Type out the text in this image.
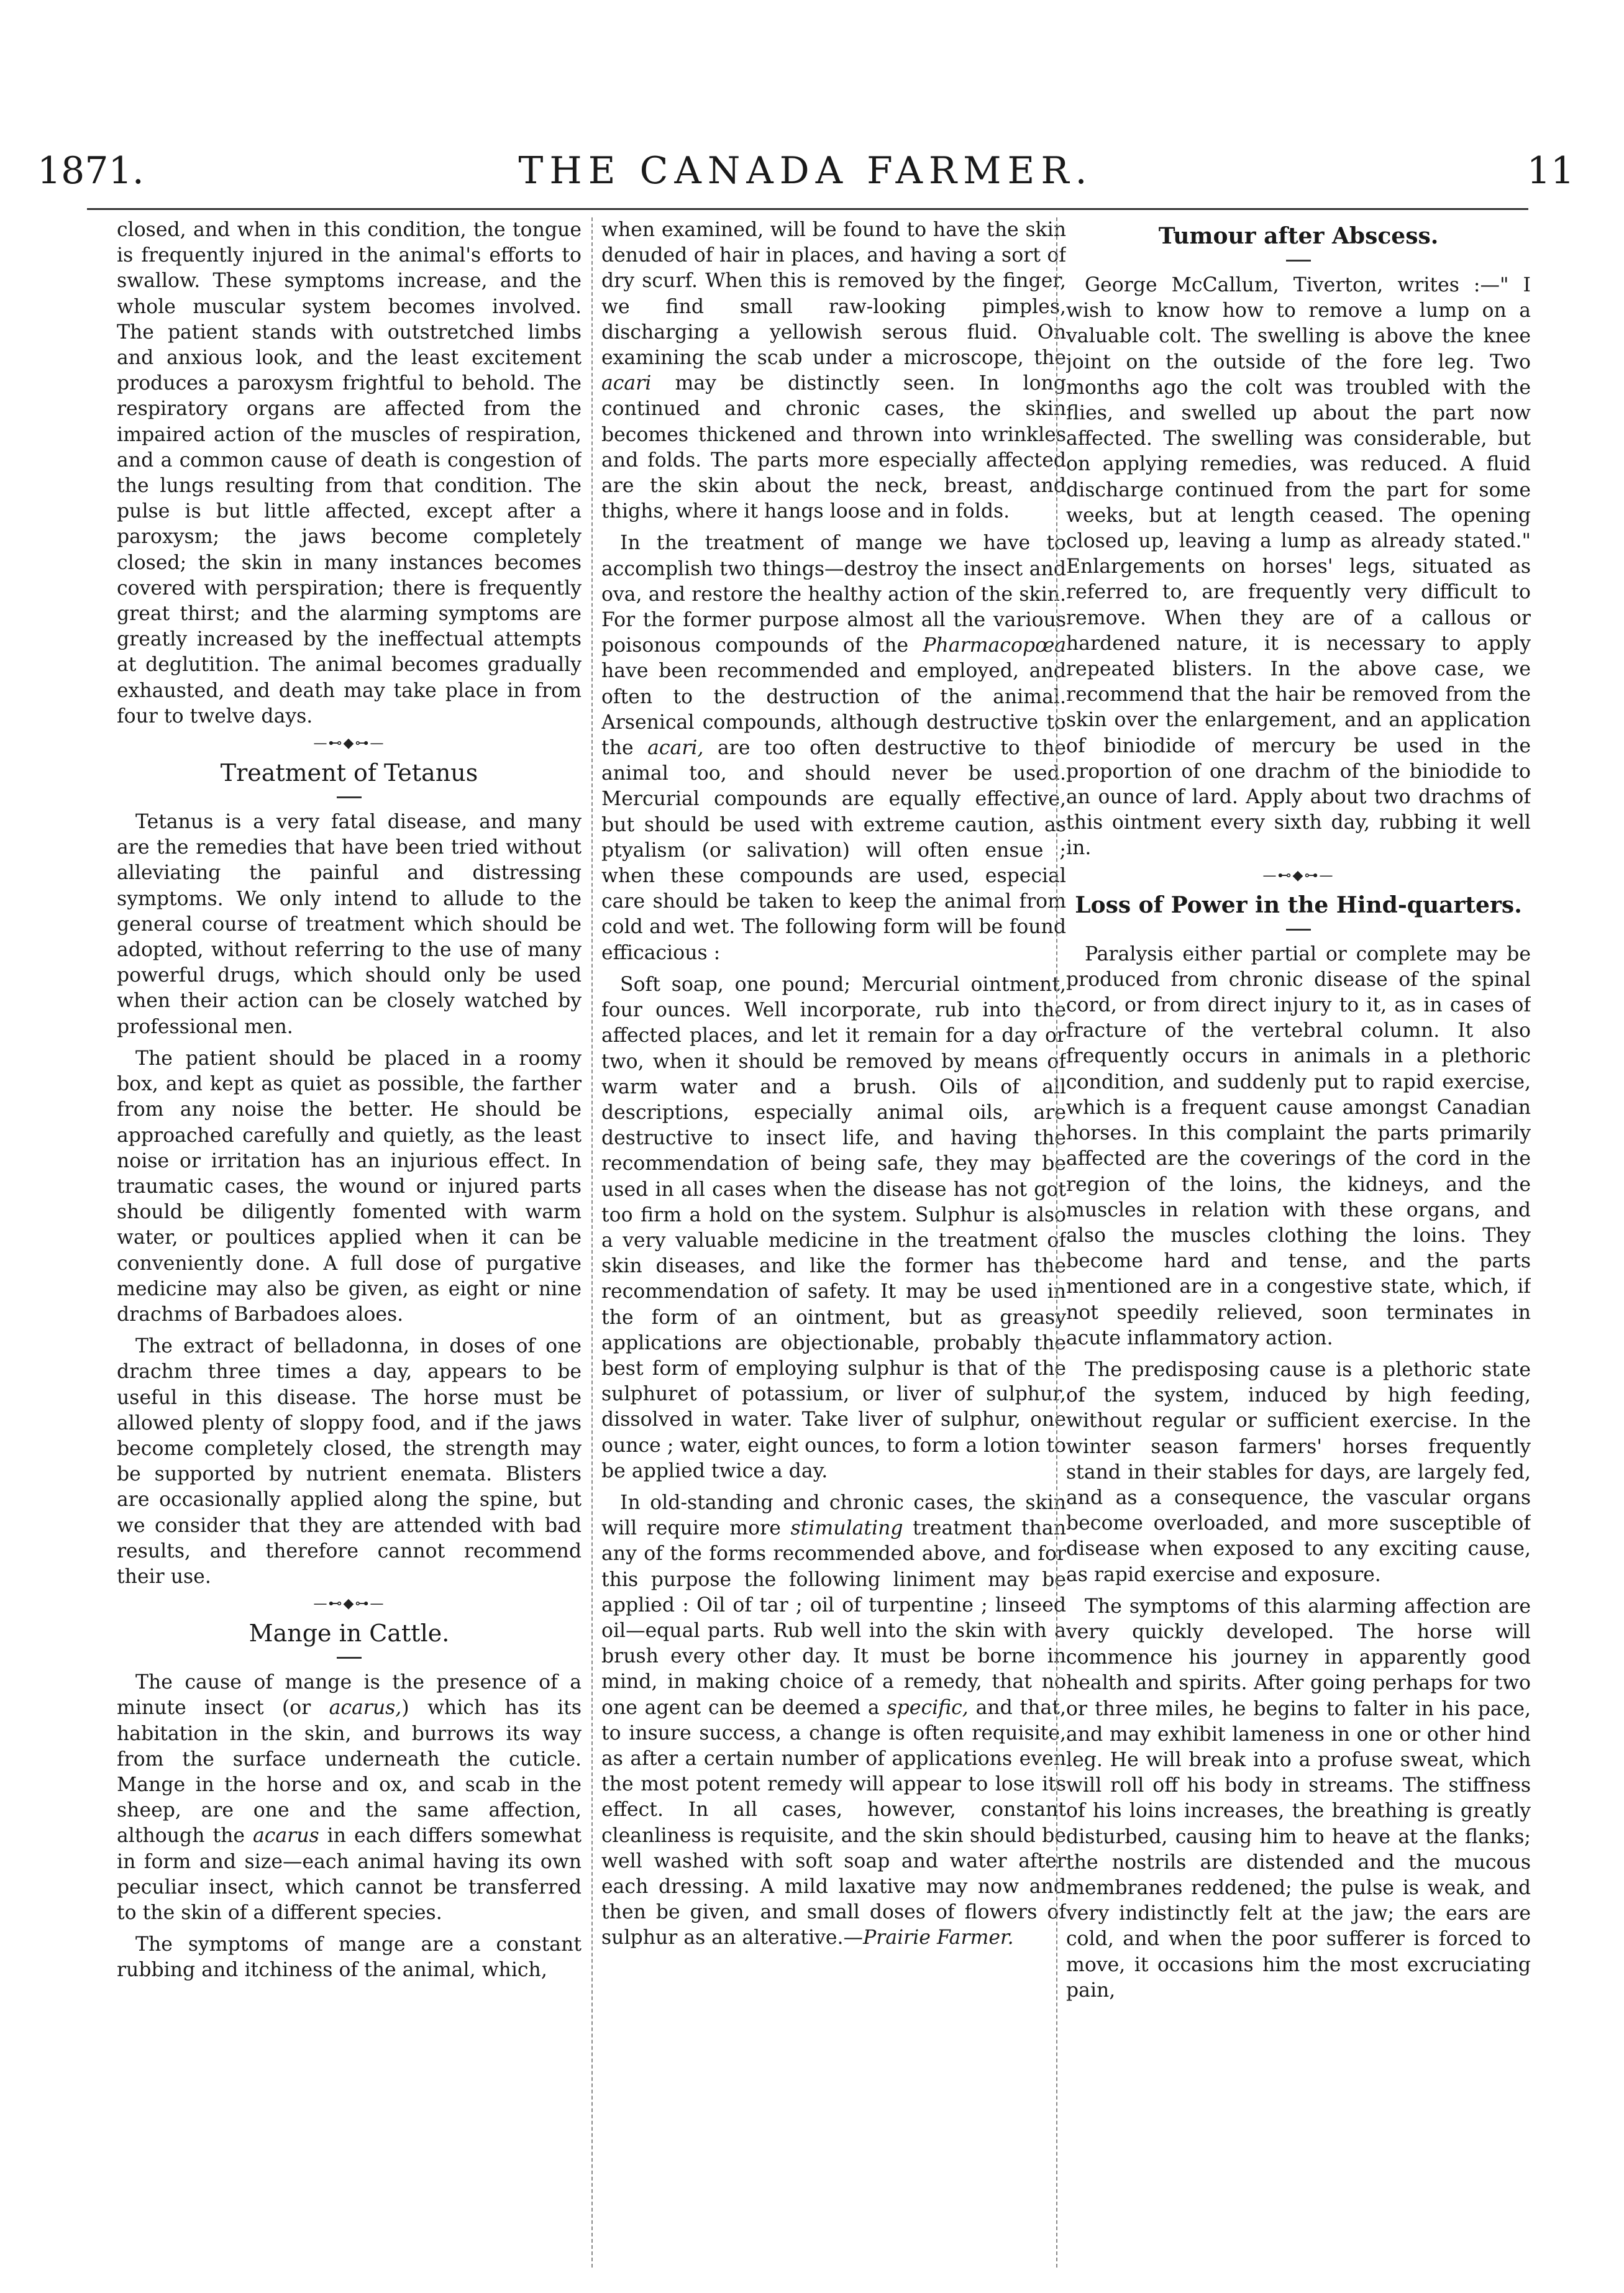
1871.	THE CANADA FARMER.	11

closed, and when in this condition, the tongue is frequently injured in the animal's efforts to swallow. These symptoms increase, and the whole muscular system becomes involved. The patient stands with outstretched limbs and anxious look, and the least excitement produces a paroxysm frightful to behold. The respiratory organs are affected from the impaired action of the muscles of respiration, and a common cause of death is congestion of the lungs resulting from that condition. The pulse is but little affected, except after a paroxysm; the jaws become completely closed; the skin in many instances becomes covered with perspiration; there is frequently great thirst; and the alarming symptoms are greatly increased by the ineffectual attempts at deglutition. The animal becomes gradually exhausted, and death may take place in from four to twelve days.

—⊷◆⊶—
Treatment of Tetanus

Tetanus is a very fatal disease, and many are the remedies that have been tried without alleviating the painful and distressing symptoms. We only intend to allude to the general course of treatment which should be adopted, without referring to the use of many powerful drugs, which should only be used when their action can be closely watched by professional men.

The patient should be placed in a roomy box, and kept as quiet as possible, the farther from any noise the better. He should be approached carefully and quietly, as the least noise or irritation has an injurious effect. In traumatic cases, the wound or injured parts should be diligently fomented with warm water, or poultices applied when it can be conveniently done. A full dose of purgative medicine may also be given, as eight or nine drachms of Barbadoes aloes.

The extract of belladonna, in doses of one drachm three times a day, appears to be useful in this disease. The horse must be allowed plenty of sloppy food, and if the jaws become completely closed, the strength may be supported by nutrient enemata. Blisters are occasionally applied along the spine, but we consider that they are attended with bad results, and therefore cannot recommend their use.

—⊷◆⊶—
Mange in Cattle.

The cause of mange is the presence of a minute insect (or acarus,) which has its habitation in the skin, and burrows its way from the surface underneath the cuticle. Mange in the horse and ox, and scab in the sheep, are one and the same affection, although the acarus in each differs somewhat in form and size—each animal having its own peculiar insect, which cannot be transferred to the skin of a different species.

The symptoms of mange are a constant rubbing and itchiness of the animal, which,

when examined, will be found to have the skin denuded of hair in places, and having a sort of dry scurf. When this is removed by the finger, we find small raw-looking pimples, discharging a yellowish serous fluid. On examining the scab under a microscope, the acari may be distinctly seen. In long continued and chronic cases, the skin becomes thickened and thrown into wrinkles and folds. The parts more especially affected are the skin about the neck, breast, and thighs, where it hangs loose and in folds.

In the treatment of mange we have to accomplish two things—destroy the insect and ova, and restore the healthy action of the skin. For the former purpose almost all the various poisonous compounds of the Pharmacopœa have been recommended and employed, and often to the destruction of the animal. Arsenical compounds, although destructive to the acari, are too often destructive to the animal too, and should never be used. Mercurial compounds are equally effective, but should be used with extreme caution, as ptyalism (or salivation) will often ensue ; when these compounds are used, especial care should be taken to keep the animal from cold and wet. The following form will be found efficacious :

Soft soap, one pound; Mercurial ointment, four ounces. Well incorporate, rub into the affected places, and let it remain for a day or two, when it should be removed by means of warm water and a brush. Oils of all descriptions, especially animal oils, are destructive to insect life, and having the recommendation of being safe, they may be used in all cases when the disease has not got too firm a hold on the system. Sulphur is also a very valuable medicine in the treatment of skin diseases, and like the former has the recommendation of safety. It may be used in the form of an ointment, but as greasy applications are objectionable, probably the best form of employing sulphur is that of the sulphuret of potassium, or liver of sulphur, dissolved in water. Take liver of sulphur, one ounce ; water, eight ounces, to form a lotion to be applied twice a day.

In old-standing and chronic cases, the skin will require more stimulating treatment than any of the forms recommended above, and for this purpose the following liniment may be applied : Oil of tar ; oil of turpentine ; linseed oil—equal parts. Rub well into the skin with a brush every other day. It must be borne in mind, in making choice of a remedy, that no one agent can be deemed a specific, and that, to insure success, a change is often requisite, as after a certain number of applications even the most potent remedy will appear to lose its effect. In all cases, however, constant cleanliness is requisite, and the skin should be well washed with soft soap and water after each dressing. A mild laxative may now and then be given, and small doses of flowers of sulphur as an alterative.—Prairie Farmer.

Tumour after Abscess.

George McCallum, Tiverton, writes :—" I wish to know how to remove a lump on a valuable colt. The swelling is above the knee joint on the outside of the fore leg. Two months ago the colt was troubled with the flies, and swelled up about the part now affected. The swelling was considerable, but on applying remedies, was reduced. A fluid discharge continued from the part for some weeks, but at length ceased. The opening closed up, leaving a lump as already stated." Enlargements on horses' legs, situated as referred to, are frequently very difficult to remove. When they are of a callous or hardened nature, it is necessary to apply repeated blisters. In the above case, we recommend that the hair be removed from the skin over the enlargement, and an application of biniodide of mercury be used in the proportion of one drachm of the biniodide to an ounce of lard. Apply about two drachms of this ointment every sixth day, rubbing it well in.

—⊷◆⊶—
Loss of Power in the Hind-quarters.

Paralysis either partial or complete may be produced from chronic disease of the spinal cord, or from direct injury to it, as in cases of fracture of the vertebral column. It also frequently occurs in animals in a plethoric condition, and suddenly put to rapid exercise, which is a frequent cause amongst Canadian horses. In this complaint the parts primarily affected are the coverings of the cord in the region of the loins, the kidneys, and the muscles in relation with these organs, and also the muscles clothing the loins. They become hard and tense, and the parts mentioned are in a congestive state, which, if not speedily relieved, soon terminates in acute inflammatory action.

The predisposing cause is a plethoric state of the system, induced by high feeding, without regular or sufficient exercise. In the winter season farmers' horses frequently stand in their stables for days, are largely fed, and as a consequence, the vascular organs become overloaded, and more susceptible of disease when exposed to any exciting cause, as rapid exercise and exposure.

The symptoms of this alarming affection are very quickly developed. The horse will commence his journey in apparently good health and spirits. After going perhaps for two or three miles, he begins to falter in his pace, and may exhibit lameness in one or other hind leg. He will break into a profuse sweat, which will roll off his body in streams. The stiffness of his loins increases, the breathing is greatly disturbed, causing him to heave at the flanks; the nostrils are distended and the mucous membranes reddened; the pulse is weak, and very indistinctly felt at the jaw; the ears are cold, and when the poor sufferer is forced to move, it occasions him the most excruciating pain,
